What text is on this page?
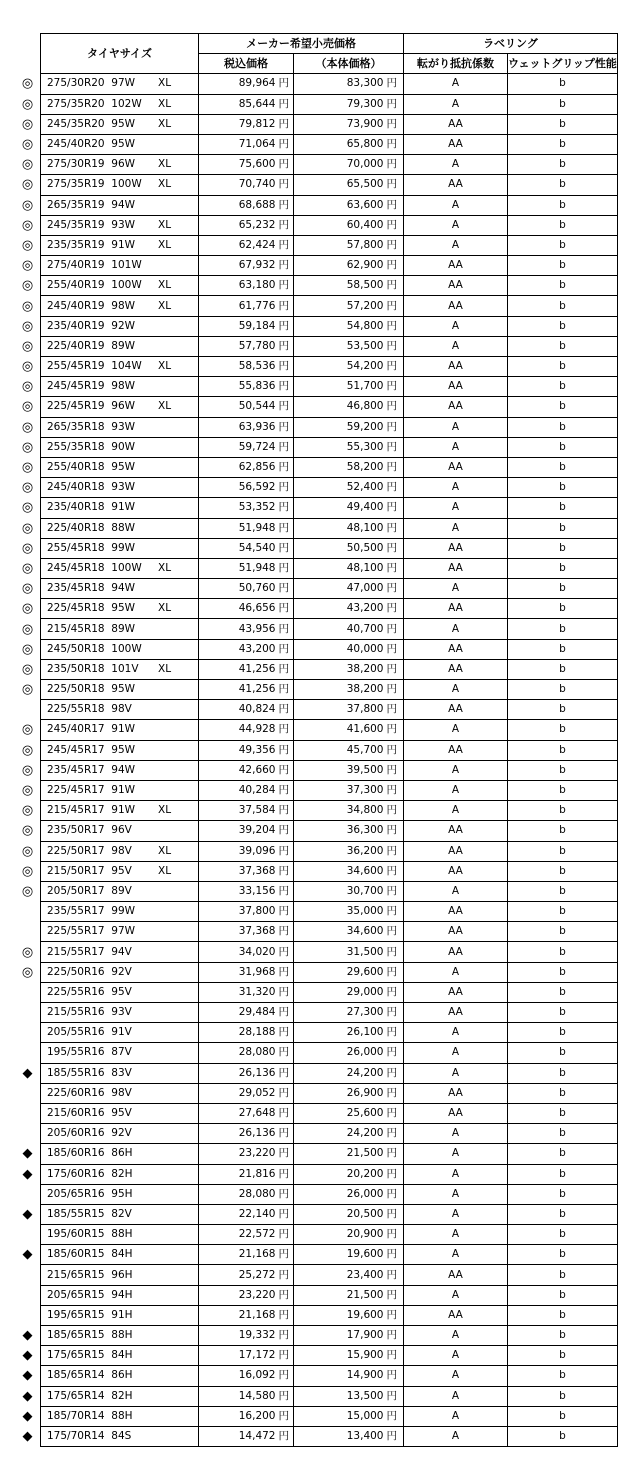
	タイヤサイズ		メーカー希望小売価格		ラベリング	
			税込価格	（本体価格）	転がり抵抗係数	ウェットグリップ性能
◎	275/30R20 97W	XL	89,964 円	83,300 円	A	b
◎	275/35R20 102W	XL	85,644 円	79,300 円	A	b
◎	245/35R20 95W	XL	79,812 円	73,900 円	AA	b
◎	245/40R20 95W		71,064 円	65,800 円	AA	b
◎	275/30R19 96W	XL	75,600 円	70,000 円	A	b
◎	275/35R19 100W	XL	70,740 円	65,500 円	AA	b
◎	265/35R19 94W		68,688 円	63,600 円	A	b
◎	245/35R19 93W	XL	65,232 円	60,400 円	A	b
◎	235/35R19 91W	XL	62,424 円	57,800 円	A	b
◎	275/40R19 101W		67,932 円	62,900 円	AA	b
◎	255/40R19 100W	XL	63,180 円	58,500 円	AA	b
◎	245/40R19 98W	XL	61,776 円	57,200 円	AA	b
◎	235/40R19 92W		59,184 円	54,800 円	A	b
◎	225/40R19 89W		57,780 円	53,500 円	A	b
◎	255/45R19 104W	XL	58,536 円	54,200 円	AA	b
◎	245/45R19 98W		55,836 円	51,700 円	AA	b
◎	225/45R19 96W	XL	50,544 円	46,800 円	AA	b
◎	265/35R18 93W		63,936 円	59,200 円	A	b
◎	255/35R18 90W		59,724 円	55,300 円	A	b
◎	255/40R18 95W		62,856 円	58,200 円	AA	b
◎	245/40R18 93W		56,592 円	52,400 円	A	b
◎	235/40R18 91W		53,352 円	49,400 円	A	b
◎	225/40R18 88W		51,948 円	48,100 円	A	b
◎	255/45R18 99W		54,540 円	50,500 円	AA	b
◎	245/45R18 100W	XL	51,948 円	48,100 円	AA	b
◎	235/45R18 94W		50,760 円	47,000 円	A	b
◎	225/45R18 95W	XL	46,656 円	43,200 円	AA	b
◎	215/45R18 89W		43,956 円	40,700 円	A	b
◎	245/50R18 100W		43,200 円	40,000 円	AA	b
◎	235/50R18 101V	XL	41,256 円	38,200 円	AA	b
◎	225/50R18 95W		41,256 円	38,200 円	A	b
	225/55R18 98V		40,824 円	37,800 円	AA	b
◎	245/40R17 91W		44,928 円	41,600 円	A	b
◎	245/45R17 95W		49,356 円	45,700 円	AA	b
◎	235/45R17 94W		42,660 円	39,500 円	A	b
◎	225/45R17 91W		40,284 円	37,300 円	A	b
◎	215/45R17 91W	XL	37,584 円	34,800 円	A	b
◎	235/50R17 96V		39,204 円	36,300 円	AA	b
◎	225/50R17 98V	XL	39,096 円	36,200 円	AA	b
◎	215/50R17 95V	XL	37,368 円	34,600 円	AA	b
◎	205/50R17 89V		33,156 円	30,700 円	A	b
	235/55R17 99W		37,800 円	35,000 円	AA	b
	225/55R17 97W		37,368 円	34,600 円	AA	b
◎	215/55R17 94V		34,020 円	31,500 円	AA	b
◎	225/50R16 92V		31,968 円	29,600 円	A	b
	225/55R16 95V		31,320 円	29,000 円	AA	b
	215/55R16 93V		29,484 円	27,300 円	AA	b
	205/55R16 91V		28,188 円	26,100 円	A	b
	195/55R16 87V		28,080 円	26,000 円	A	b
◆	185/55R16 83V		26,136 円	24,200 円	A	b
	225/60R16 98V		29,052 円	26,900 円	AA	b
	215/60R16 95V		27,648 円	25,600 円	AA	b
	205/60R16 92V		26,136 円	24,200 円	A	b
◆	185/60R16 86H		23,220 円	21,500 円	A	b
◆	175/60R16 82H		21,816 円	20,200 円	A	b
	205/65R16 95H		28,080 円	26,000 円	A	b
◆	185/55R15 82V		22,140 円	20,500 円	A	b
	195/60R15 88H		22,572 円	20,900 円	A	b
◆	185/60R15 84H		21,168 円	19,600 円	A	b
	215/65R15 96H		25,272 円	23,400 円	AA	b
	205/65R15 94H		23,220 円	21,500 円	A	b
	195/65R15 91H		21,168 円	19,600 円	AA	b
◆	185/65R15 88H		19,332 円	17,900 円	A	b
◆	175/65R15 84H		17,172 円	15,900 円	A	b
◆	185/65R14 86H		16,092 円	14,900 円	A	b
◆	175/65R14 82H		14,580 円	13,500 円	A	b
◆	185/70R14 88H		16,200 円	15,000 円	A	b
◆	175/70R14 84S		14,472 円	13,400 円	A	b
